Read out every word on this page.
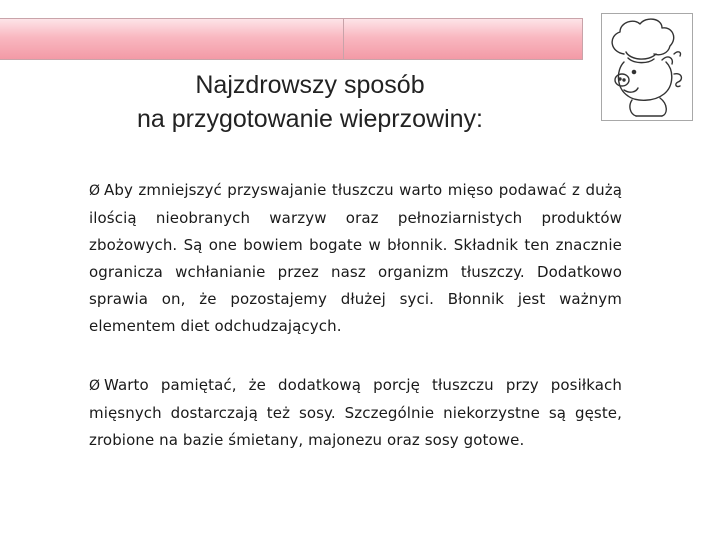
Najzdrowszy sposób
na przygotowanie wieprzowiny:
Ø Aby zmniejszyć przyswajanie tłuszczu warto mięso podawać z dużą ilością nieobranych warzyw oraz pełnoziarnistych produktów zbożowych. Są one bowiem bogate w błonnik. Składnik ten znacznie ogranicza wchłanianie przez nasz organizm tłuszczy. Dodatkowo sprawia on, że pozostajemy dłużej syci. Błonnik jest ważnym elementem diet odchudzających.
Ø Warto pamiętać, że dodatkową porcję tłuszczu przy posiłkach mięsnych dostarczają też sosy. Szczególnie niekorzystne są gęste, zrobione na bazie śmietany, majonezu oraz sosy gotowe.
